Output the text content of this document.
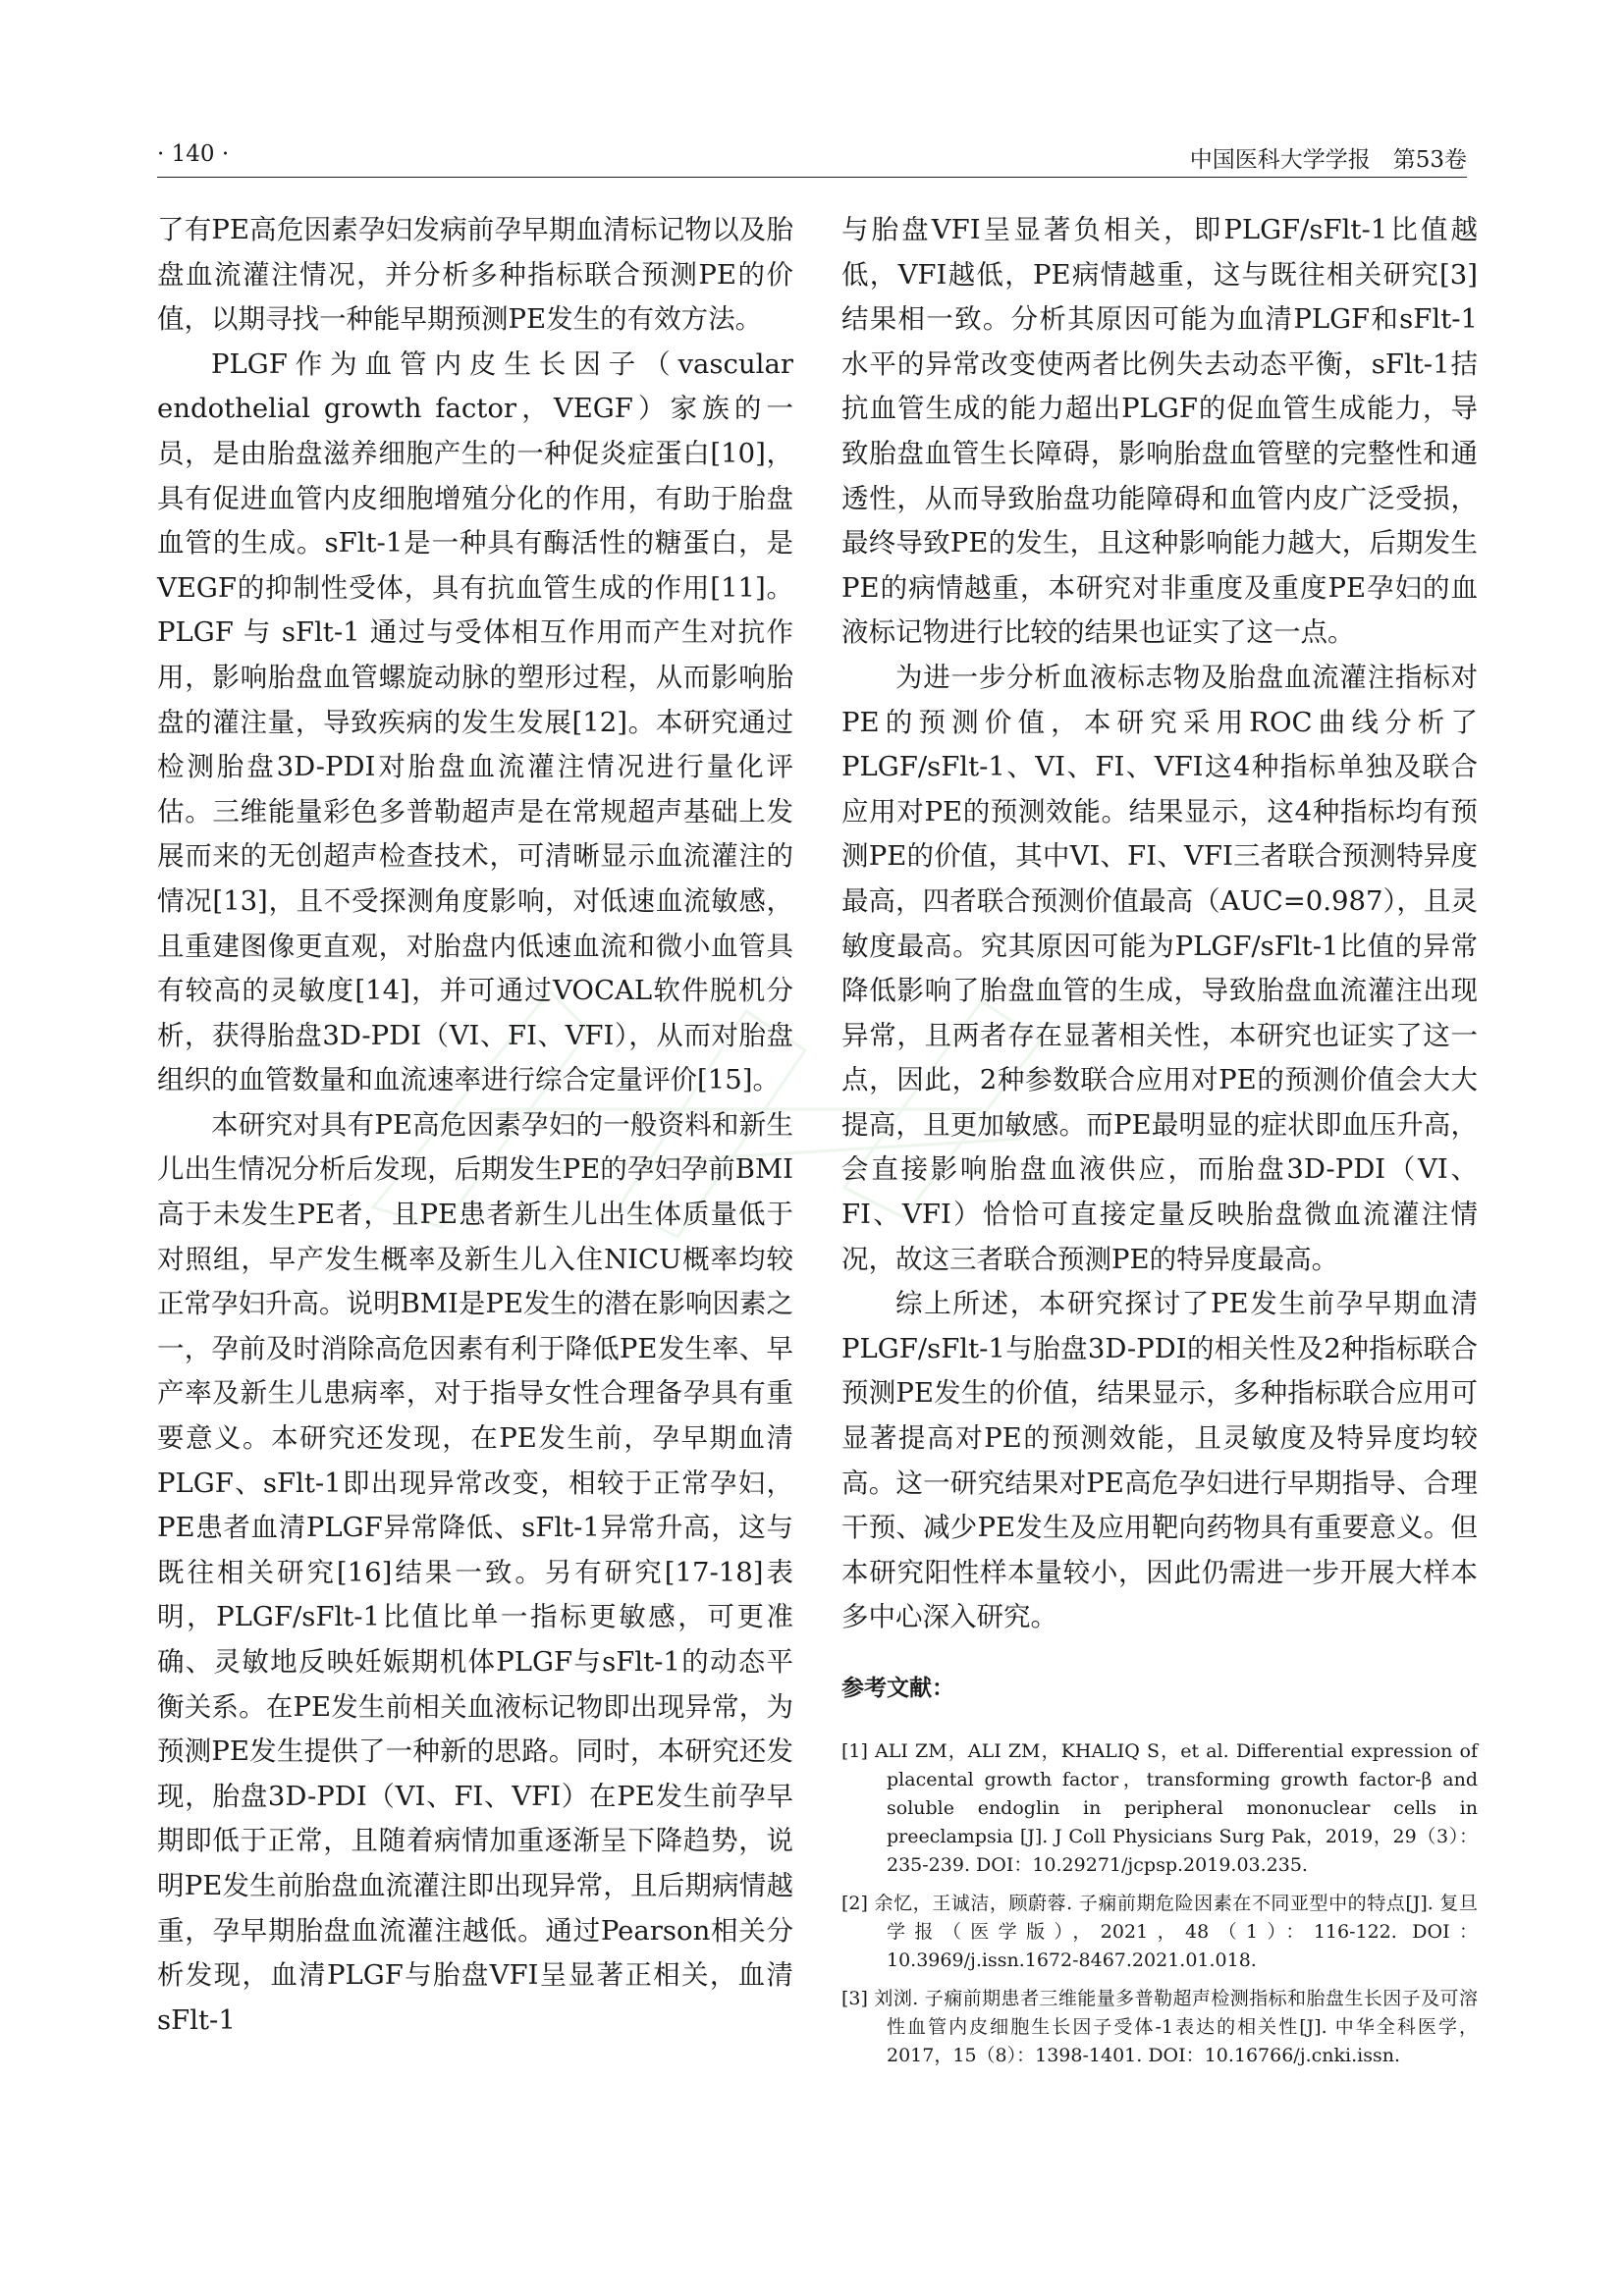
· 140 ·	中国医科大学学报　第53卷

了有PE高危因素孕妇发病前孕早期血清标记物以及胎盘血流灌注情况，并分析多种指标联合预测PE的价值，以期寻找一种能早期预测PE发生的有效方法。

PLGF作为血管内皮生长因子（vascular endothelial growth factor，VEGF）家族的一员，是由胎盘滋养细胞产生的一种促炎症蛋白[10]，具有促进血管内皮细胞增殖分化的作用，有助于胎盘血管的生成。sFlt-1是一种具有酶活性的糖蛋白，是VEGF的抑制性受体，具有抗血管生成的作用[11]。PLGF 与 sFlt-1 通过与受体相互作用而产生对抗作用，影响胎盘血管螺旋动脉的塑形过程，从而影响胎盘的灌注量，导致疾病的发生发展[12]。本研究通过检测胎盘3D-PDI对胎盘血流灌注情况进行量化评估。三维能量彩色多普勒超声是在常规超声基础上发展而来的无创超声检查技术，可清晰显示血流灌注的情况[13]，且不受探测角度影响，对低速血流敏感，且重建图像更直观，对胎盘内低速血流和微小血管具有较高的灵敏度[14]，并可通过VOCAL软件脱机分析，获得胎盘3D-PDI（VI、FI、VFI），从而对胎盘组织的血管数量和血流速率进行综合定量评价[15]。

本研究对具有PE高危因素孕妇的一般资料和新生儿出生情况分析后发现，后期发生PE的孕妇孕前BMI高于未发生PE者，且PE患者新生儿出生体质量低于对照组，早产发生概率及新生儿入住NICU概率均较正常孕妇升高。说明BMI是PE发生的潜在影响因素之一，孕前及时消除高危因素有利于降低PE发生率、早产率及新生儿患病率，对于指导女性合理备孕具有重要意义。本研究还发现，在PE发生前，孕早期血清PLGF、sFlt-1即出现异常改变，相较于正常孕妇，PE患者血清PLGF异常降低、sFlt-1异常升高，这与既往相关研究[16]结果一致。另有研究[17-18]表明，PLGF/sFlt-1比值比单一指标更敏感，可更准确、灵敏地反映妊娠期机体PLGF与sFlt-1的动态平衡关系。在PE发生前相关血液标记物即出现异常，为预测PE发生提供了一种新的思路。同时，本研究还发现，胎盘3D-PDI（VI、FI、VFI）在PE发生前孕早期即低于正常，且随着病情加重逐渐呈下降趋势，说明PE发生前胎盘血流灌注即出现异常，且后期病情越重，孕早期胎盘血流灌注越低。通过Pearson相关分析发现，血清PLGF与胎盘VFI呈显著正相关，血清sFlt-1

与胎盘VFI呈显著负相关，即PLGF/sFlt-1比值越低，VFI越低，PE病情越重，这与既往相关研究[3]结果相一致。分析其原因可能为血清PLGF和sFlt-1水平的异常改变使两者比例失去动态平衡，sFlt-1拮抗血管生成的能力超出PLGF的促血管生成能力，导致胎盘血管生长障碍，影响胎盘血管壁的完整性和通透性，从而导致胎盘功能障碍和血管内皮广泛受损，最终导致PE的发生，且这种影响能力越大，后期发生PE的病情越重，本研究对非重度及重度PE孕妇的血液标记物进行比较的结果也证实了这一点。

为进一步分析血液标志物及胎盘血流灌注指标对PE的预测价值，本研究采用ROC曲线分析了PLGF/sFlt-1、VI、FI、VFI这4种指标单独及联合应用对PE的预测效能。结果显示，这4种指标均有预测PE的价值，其中VI、FI、VFI三者联合预测特异度最高，四者联合预测价值最高（AUC=0.987），且灵敏度最高。究其原因可能为PLGF/sFlt-1比值的异常降低影响了胎盘血管的生成，导致胎盘血流灌注出现异常，且两者存在显著相关性，本研究也证实了这一点，因此，2种参数联合应用对PE的预测价值会大大提高，且更加敏感。而PE最明显的症状即血压升高，会直接影响胎盘血液供应，而胎盘3D-PDI（VI、FI、VFI）恰恰可直接定量反映胎盘微血流灌注情况，故这三者联合预测PE的特异度最高。

综上所述，本研究探讨了PE发生前孕早期血清PLGF/sFlt-1与胎盘3D-PDI的相关性及2种指标联合预测PE发生的价值，结果显示，多种指标联合应用可显著提高对PE的预测效能，且灵敏度及特异度均较高。这一研究结果对PE高危孕妇进行早期指导、合理干预、减少PE发生及应用靶向药物具有重要意义。但本研究阳性样本量较小，因此仍需进一步开展大样本多中心深入研究。

参考文献：
[1] ALI ZM，ALI ZM，KHALIQ S，et al. Differential expression of placental growth factor，transforming growth factor-β and soluble endoglin in peripheral mononuclear cells in preeclampsia [J]. J Coll Physicians Surg Pak，2019，29（3）：235-239. DOI：10.29271/jcpsp.2019.03.235.
[2] 余忆，王诚洁，顾蔚蓉. 子痫前期危险因素在不同亚型中的特点[J]. 复旦学报（医学版），2021，48（1）：116-122. DOI：10.3969/j.issn.1672-8467.2021.01.018.
[3] 刘浏. 子痫前期患者三维能量多普勒超声检测指标和胎盘生长因子及可溶性血管内皮细胞生长因子受体-1表达的相关性[J]. 中华全科医学，2017，15（8）：1398-1401. DOI：10.16766/j.cnki.issn.
